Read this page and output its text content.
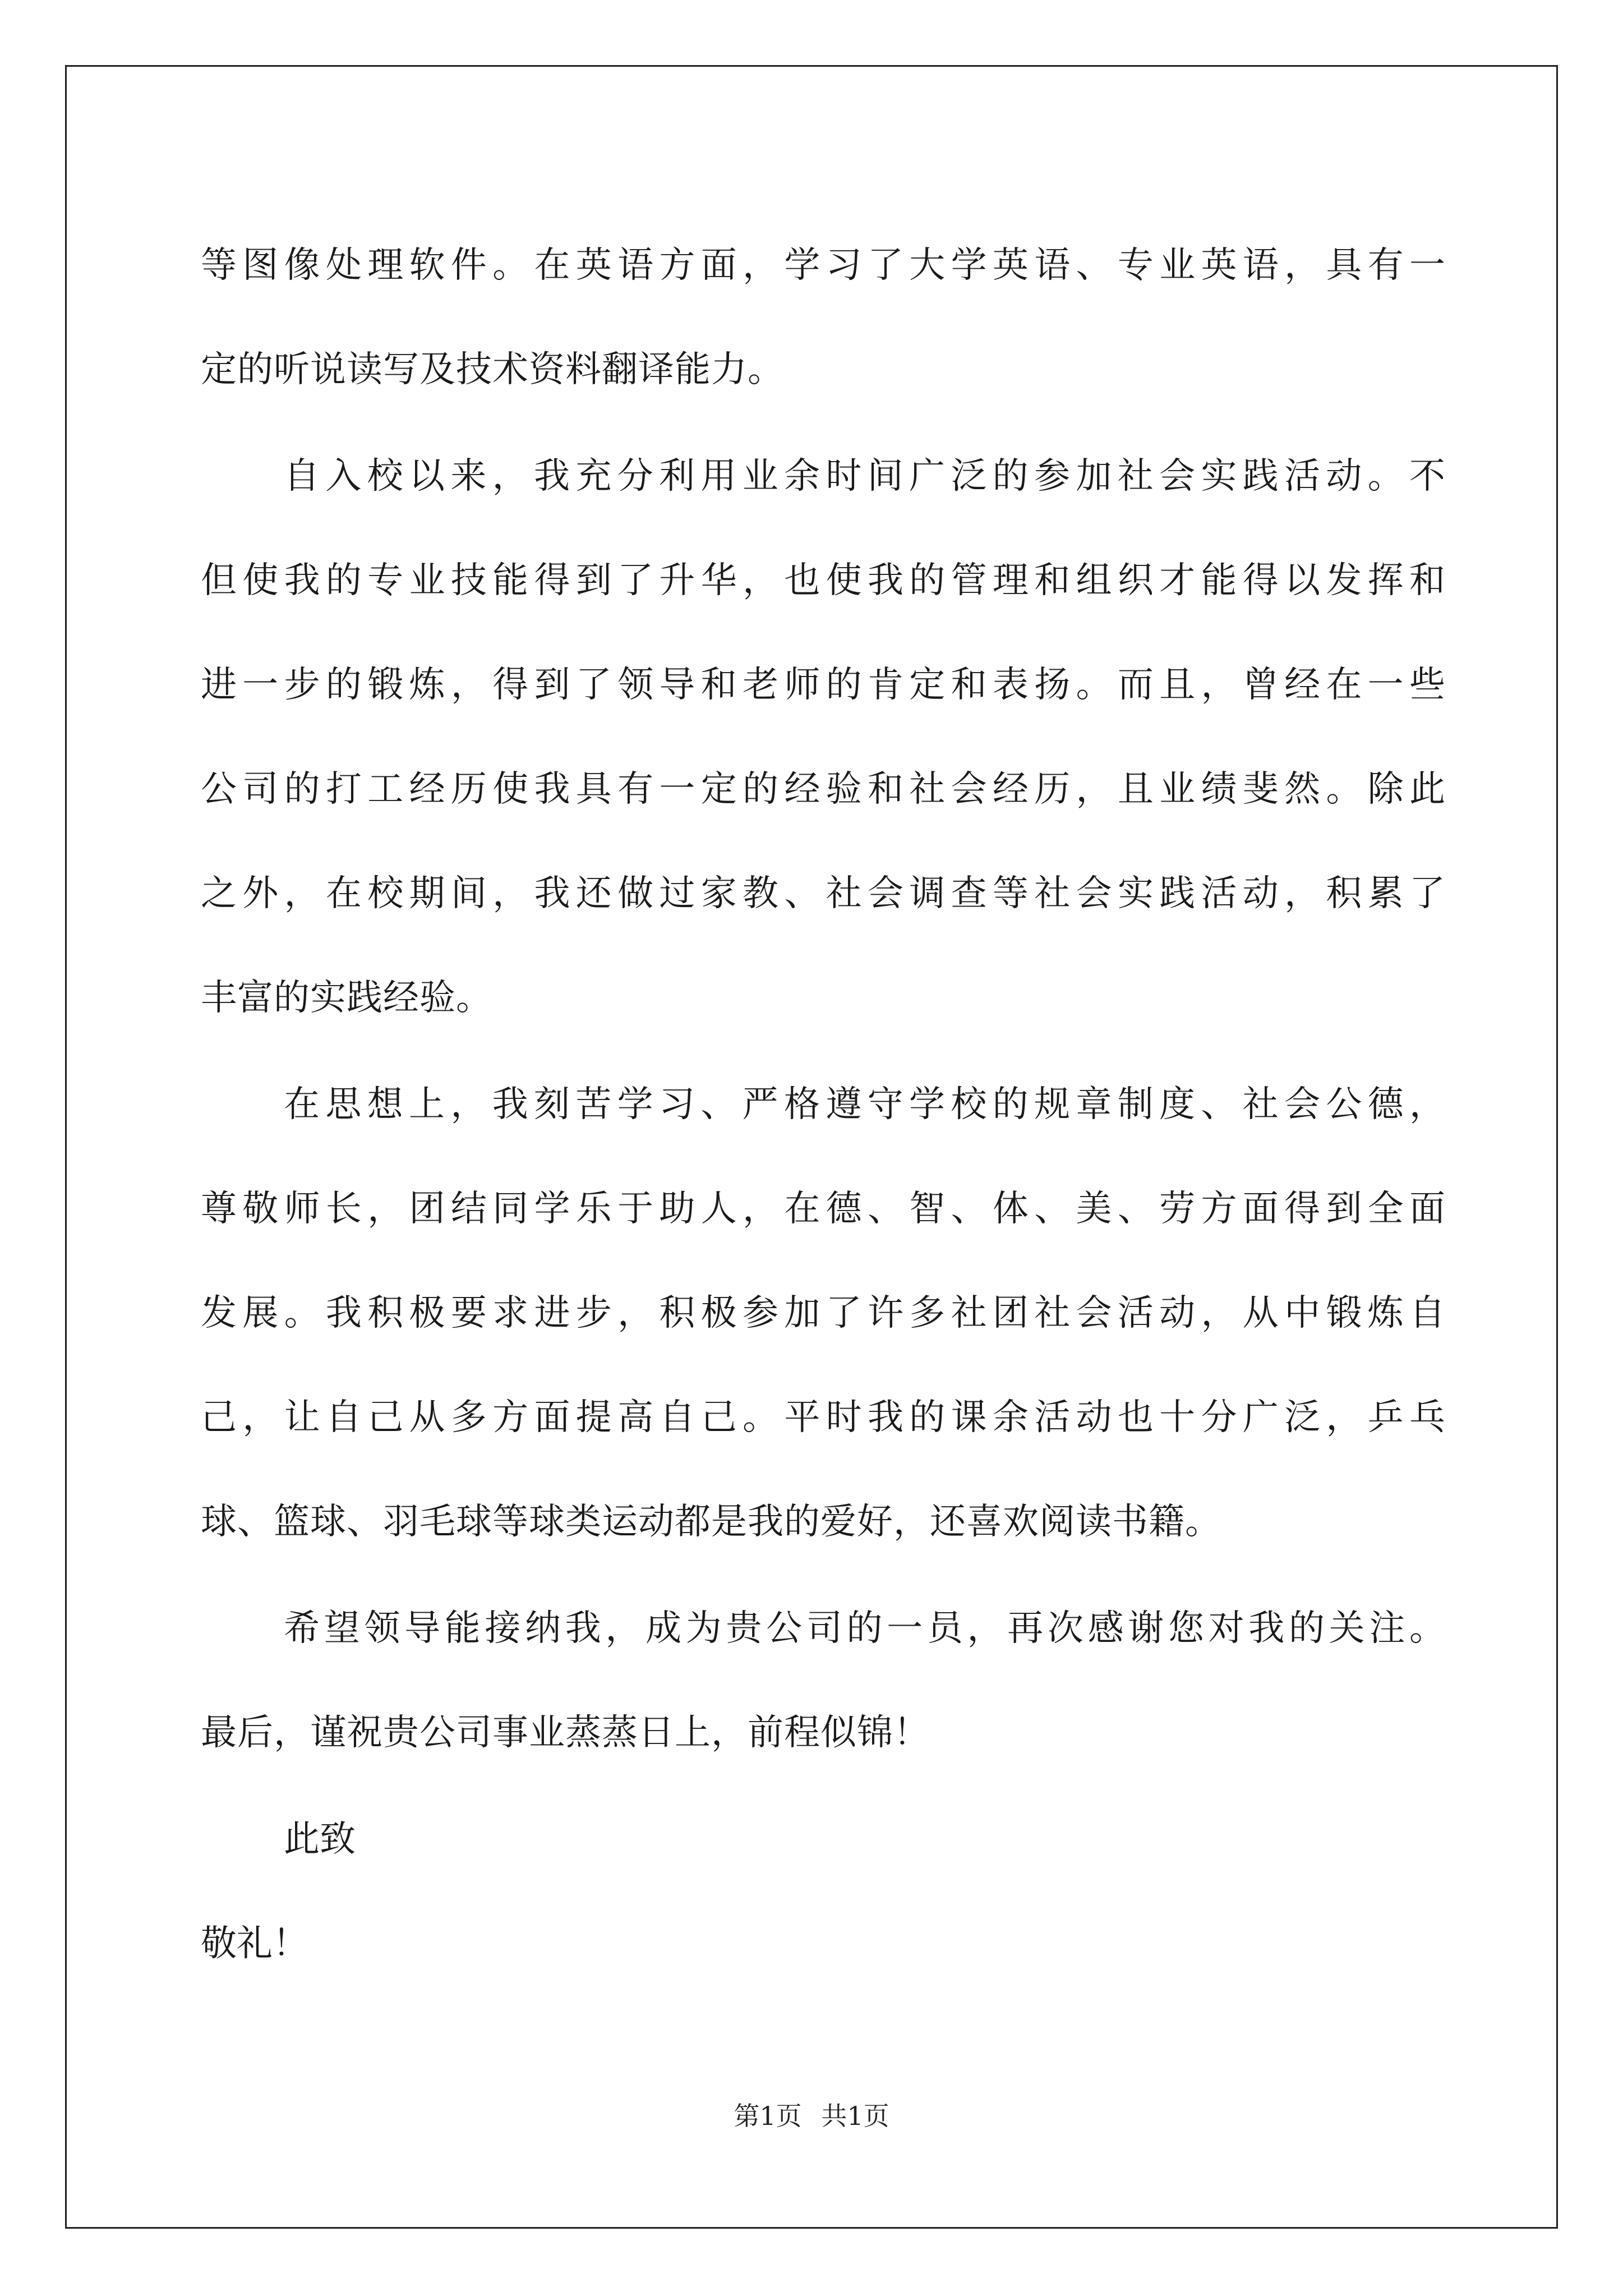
等图像处理软件。在英语方面，学习了大学英语、专业英语，具有一
定的听说读写及技术资料翻译能力。
自入校以来，我充分利用业余时间广泛的参加社会实践活动。不
但使我的专业技能得到了升华，也使我的管理和组织才能得以发挥和
进一步的锻炼，得到了领导和老师的肯定和表扬。而且，曾经在一些
公司的打工经历使我具有一定的经验和社会经历，且业绩斐然。除此
之外，在校期间，我还做过家教、社会调查等社会实践活动，积累了
丰富的实践经验。
在思想上，我刻苦学习、严格遵守学校的规章制度、社会公德，
尊敬师长，团结同学乐于助人，在德、智、体、美、劳方面得到全面
发展。我积极要求进步，积极参加了许多社团社会活动，从中锻炼自
己，让自己从多方面提高自己。平时我的课余活动也十分广泛，乒乓
球、篮球、羽毛球等球类运动都是我的爱好，还喜欢阅读书籍。
希望领导能接纳我，成为贵公司的一员，再次感谢您对我的关注。
最后，谨祝贵公司事业蒸蒸日上，前程似锦！

此致

敬礼！

第1页 共1页
